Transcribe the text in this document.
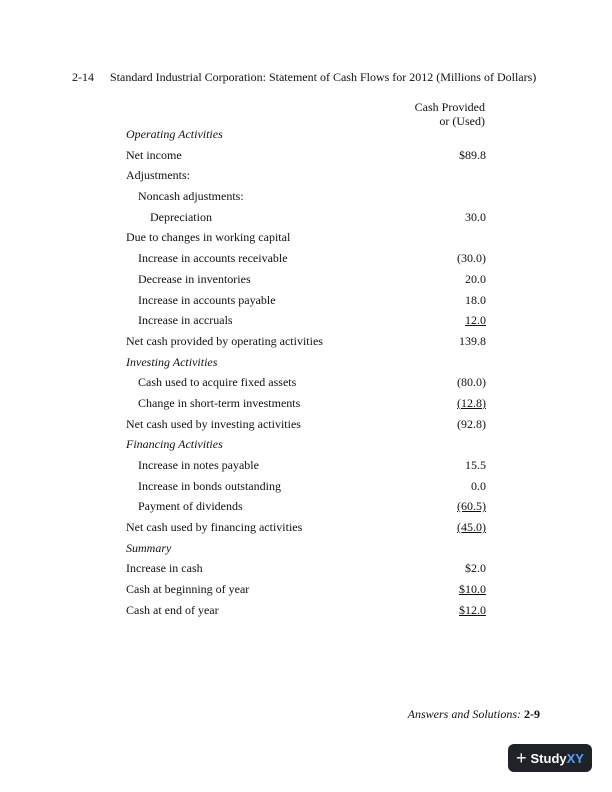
2-14 Standard Industrial Corporation: Statement of Cash Flows for 2012 (Millions of Dollars)
Cash Provided
or (Used)
Operating Activities
Net income	$89.8
Adjustments:
Noncash adjustments:
Depreciation	30.0
Due to changes in working capital
Increase in accounts receivable	(30.0)
Decrease in inventories	20.0
Increase in accounts payable	18.0
Increase in accruals	12.0
Net cash provided by operating activities	139.8
Investing Activities
Cash used to acquire fixed assets	(80.0)
Change in short-term investments	(12.8)
Net cash used by investing activities	(92.8)
Financing Activities
Increase in notes payable	15.5
Increase in bonds outstanding	0.0
Payment of dividends	(60.5)
Net cash used by financing activities	(45.0)
Summary
Increase in cash	$2.0
Cash at beginning of year	$10.0
Cash at end of year	$12.0
Answers and Solutions: 2-9
+ StudyXY
